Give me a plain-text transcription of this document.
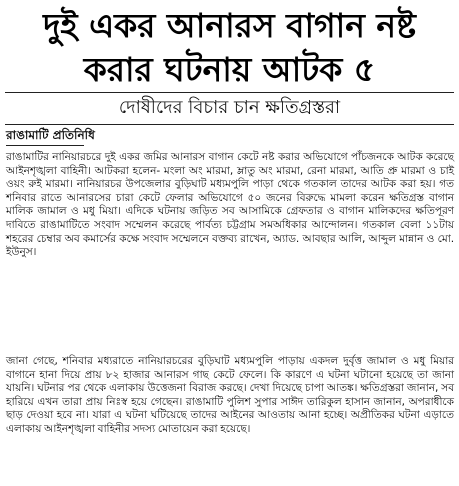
দুই একর আনারস বাগান নষ্ট
করার ঘটনায় আটক ৫
দোষীদের বিচার চান ক্ষতিগ্রস্তরা
রাঙামাটি প্রতিনিধি

রাঙামাটির নানিয়ারচরে দুই একর জমির আনারস বাগান কেটে নষ্ট করার অভিযোগে পাঁচজনকে আটক করেছে আইনশৃঙ্খলা বাহিনী। আটকরা হলেন- মংলা অং মারমা, ম্লাতু অং মারমা, রেনা মারমা, আতি প্রু মারমা ও চাই ওয়ং রুই মারমা। নানিয়ারচর উপজেলার বুড়িঘাট মধ্যমপুলি পাড়া থেকে গতকাল তাদের আটক করা হয়। গত শনিবার রাতে আনারসের চারা কেটে ফেলার অভিযোগে ৫০ জনের বিরুদ্ধে মামলা করেন ক্ষতিগ্রস্ত বাগান মালিক জামাল ও মধু মিয়া। এদিকে ঘটনায় জড়িত সব আসামিকে গ্রেফতার ও বাগান মালিকদের ক্ষতিপূরণ দাবিতে রাঙামাটিতে সংবাদ সম্মেলন করেছে পার্বত্য চট্টগ্রাম সমঅধিকার আন্দোলন। গতকাল বেলা ১১টায় শহরের চেম্বার অব কমার্সের কক্ষে সংবাদ সম্মেলনে বক্তব্য রাখেন, অ্যাড. আবছার আলি, আব্দুল মান্নান ও মো. ইউনুস।

জানা গেছে, শনিবার মধ্যরাতে নানিয়ারচরের বুড়িঘাট মধ্যমপুলি পাড়ায় একদল দুর্বৃত্ত জামাল ও মধু মিয়ার বাগানে হানা দিয়ে প্রায় ৮২ হাজার আনারস গাছ কেটে ফেলে। কি কারণে এ ঘটনা ঘটানো হয়েছে তা জানা যায়নি। ঘটনার পর থেকে এলাকায় উত্তেজনা বিরাজ করছে। দেখা দিয়েছে চাপা আতঙ্ক। ক্ষতিগ্রস্তরা জানান, সব হারিয়ে এখন তারা প্রায় নিঃস্ব হয়ে গেছেন। রাঙামাটি পুলিশ সুপার সাঈদ তারিকুল হাসান জানান, অপরাধীকে ছাড় দেওয়া হবে না। যারা এ ঘটনা ঘটিয়েছে তাদের আইনের আওতায় আনা হচ্ছে। অপ্রীতিকর ঘটনা এড়াতে এলাকায় আইনশৃঙ্খলা বাহিনীর সদস্য মোতায়েন করা হয়েছে।
